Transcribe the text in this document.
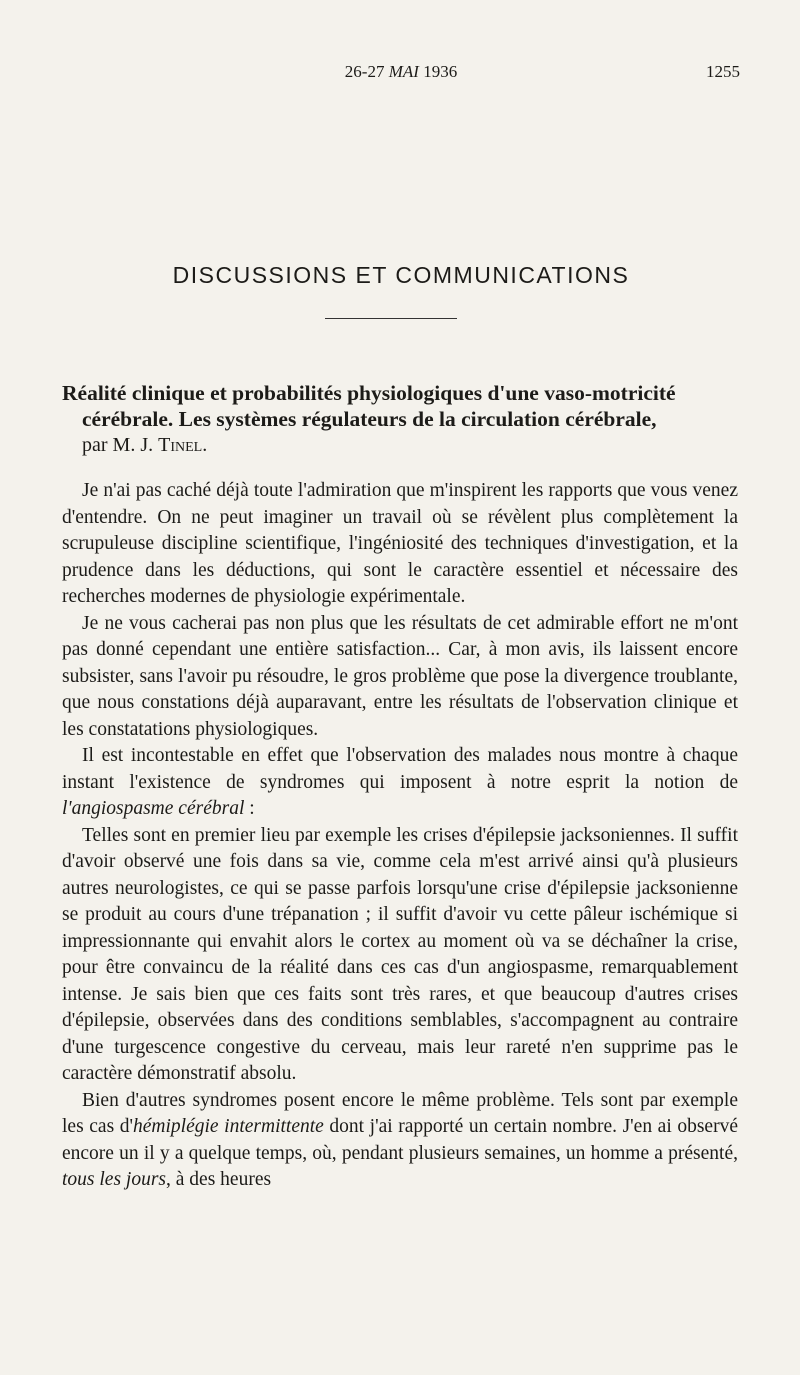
26-27 MAI 1936	1255
DISCUSSIONS ET COMMUNICATIONS
Réalité clinique et probabilités physiologiques d'une vaso-motricité
cérébrale. Les systèmes régulateurs de la circulation cérébrale,
par M. J. Tinel.

Je n'ai pas caché déjà toute l'admiration que m'inspirent les rapports que vous venez d'entendre. On ne peut imaginer un travail où se révèlent plus complètement la scrupuleuse discipline scientifique, l'ingéniosité des techniques d'investigation, et la prudence dans les déductions, qui sont le caractère essentiel et nécessaire des recherches modernes de physiologie expérimentale.

Je ne vous cacherai pas non plus que les résultats de cet admirable effort ne m'ont pas donné cependant une entière satisfaction... Car, à mon avis, ils laissent encore subsister, sans l'avoir pu résoudre, le gros problème que pose la divergence troublante, que nous constations déjà auparavant, entre les résultats de l'observation clinique et les constatations physiologiques.

Il est incontestable en effet que l'observation des malades nous montre à chaque instant l'existence de syndromes qui imposent à notre esprit la notion de l'angiospasme cérébral :

Telles sont en premier lieu par exemple les crises d'épilepsie jacksoniennes. Il suffit d'avoir observé une fois dans sa vie, comme cela m'est arrivé ainsi qu'à plusieurs autres neurologistes, ce qui se passe parfois lorsqu'une crise d'épilepsie jacksonienne se produit au cours d'une trépanation ; il suffit d'avoir vu cette pâleur ischémique si impressionnante qui envahit alors le cortex au moment où va se déchaîner la crise, pour être convaincu de la réalité dans ces cas d'un angiospasme, remarquablement intense. Je sais bien que ces faits sont très rares, et que beaucoup d'autres crises d'épilepsie, observées dans des conditions semblables, s'accompagnent au contraire d'une turgescence congestive du cerveau, mais leur rareté n'en supprime pas le caractère démonstratif absolu.

Bien d'autres syndromes posent encore le même problème. Tels sont par exemple les cas d'hémiplégie intermittente dont j'ai rapporté un certain nombre. J'en ai observé encore un il y a quelque temps, où, pendant plusieurs semaines, un homme a présenté, tous les jours, à des heures
